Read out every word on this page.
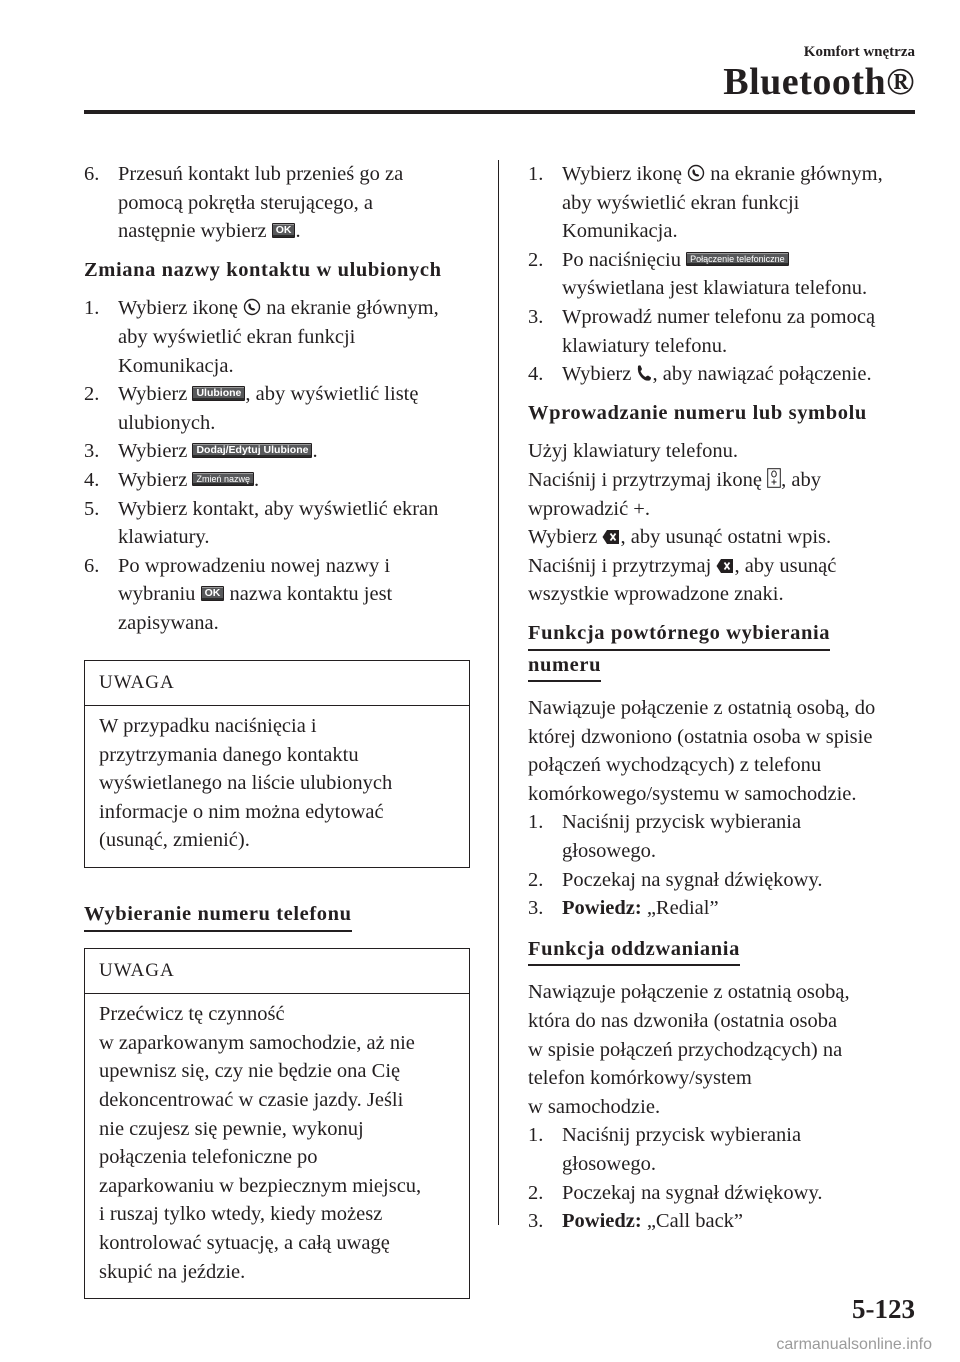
Komfort wnętrza
Bluetooth®
6. Przesuń kontakt lub przenieś go za
pomocą pokrętła sterującego, a
następnie wybierz OK .
Zmiana nazwy kontaktu w ulubionych
1. Wybierz ikonę na ekranie głównym,
aby wyświetlić ekran funkcji
Komunikacja.
2. Wybierz Ulubione , aby wyświetlić listę
ulubionych.
3. Wybierz Dodaj/Edytuj Ulubione .
4. Wybierz Zmień nazwę .
5. Wybierz kontakt, aby wyświetlić ekran
klawiatury.
6. Po wprowadzeniu nowej nazwy i
wybraniu OK nazwa kontaktu jest
zapisywana.
UWAGA
W przypadku naciśnięcia i
przytrzymania danego kontaktu
wyświetlanego na liście ulubionych
informacje o nim można edytować
(usunąć, zmienić).
Wybieranie numeru telefonu
UWAGA
Przećwicz tę czynność
w zaparkowanym samochodzie, aż nie
upewnisz się, czy nie będzie ona Cię
dekoncentrować w czasie jazdy. Jeśli
nie czujesz się pewnie, wykonuj
połączenia telefoniczne po
zaparkowaniu w bezpiecznym miejscu,
i ruszaj tylko wtedy, kiedy możesz
kontrolować sytuację, a całą uwagę
skupić na jeździe.
1. Wybierz ikonę na ekranie głównym,
aby wyświetlić ekran funkcji
Komunikacja.
2. Po naciśnięciu Połączenie telefoniczne
wyświetlana jest klawiatura telefonu.
3. Wprowadź numer telefonu za pomocą
klawiatury telefonu.
4. Wybierz , aby nawiązać połączenie.
Wprowadzanie numeru lub symbolu
Użyj klawiatury telefonu.
Naciśnij i przytrzymaj ikonę , aby
wprowadzić +.
Wybierz , aby usunąć ostatni wpis.
Naciśnij i przytrzymaj , aby usunąć
wszystkie wprowadzone znaki.
Funkcja powtórnego wybierania
numeru
Nawiązuje połączenie z ostatnią osobą, do
której dzwoniono (ostatnia osoba w spisie
połączeń wychodzących) z telefonu
komórkowego/systemu w samochodzie.
1. Naciśnij przycisk wybierania
głosowego.
2. Poczekaj na sygnał dźwiękowy.
3. Powiedz: „Redial”
Funkcja oddzwaniania
Nawiązuje połączenie z ostatnią osobą,
która do nas dzwoniła (ostatnia osoba
w spisie połączeń przychodzących) na
telefon komórkowy/system
w samochodzie.
1. Naciśnij przycisk wybierania
głosowego.
2. Poczekaj na sygnał dźwiękowy.
3. Powiedz: „Call back”
5-123
carmanualsonline.info
